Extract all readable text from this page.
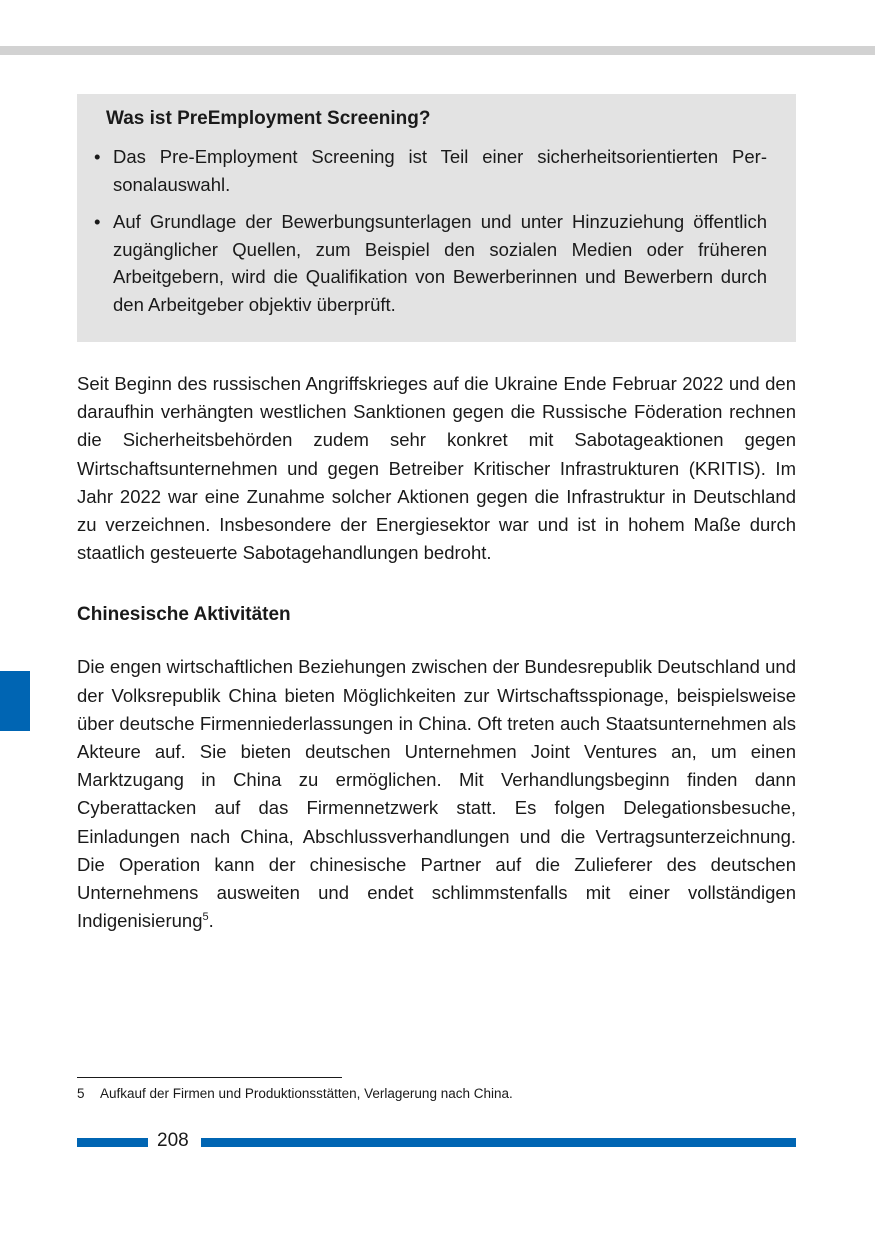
Was ist PreEmployment Screening?
• Das Pre-Employment Screening ist Teil einer sicherheitsorientierten Personalauswahl.
• Auf Grundlage der Bewerbungsunterlagen und unter Hinzuziehung öffentlich zugänglicher Quellen, zum Beispiel den sozialen Medien oder früheren Arbeitgebern, wird die Qualifikation von Bewerberinnen und Bewerbern durch den Arbeitgeber objektiv überprüft.

Seit Beginn des russischen Angriffskrieges auf die Ukraine Ende Februar 2022 und den daraufhin verhängten westlichen Sanktionen gegen die Russische Föderation rechnen die Sicherheitsbehörden zudem sehr konkret mit Sabotageaktionen gegen Wirtschaftsunternehmen und gegen Betreiber Kritischer Infrastrukturen (KRITIS). Im Jahr 2022 war eine Zunahme solcher Aktionen gegen die Infrastruktur in Deutschland zu verzeichnen. Insbesondere der Energiesektor war und ist in hohem Maße durch staatlich gesteuerte Sabotagehandlungen bedroht.

Chinesische Aktivitäten

Die engen wirtschaftlichen Beziehungen zwischen der Bundesrepublik Deutschland und der Volksrepublik China bieten Möglichkeiten zur Wirtschaftsspionage, beispielsweise über deutsche Firmenniederlassungen in China. Oft treten auch Staatsunternehmen als Akteure auf. Sie bieten deutschen Unternehmen Joint Ventures an, um einen Marktzugang in China zu ermöglichen. Mit Verhandlungsbeginn finden dann Cyberattacken auf das Firmennetzwerk statt. Es folgen Delegationsbesuche, Einladungen nach China, Abschlussverhandlungen und die Vertragsunterzeichnung. Die Operation kann der chinesische Partner auf die Zulieferer des deutschen Unternehmens ausweiten und endet schlimmstenfalls mit einer vollständigen Indigenisierung$^5$.

5 Aufkauf der Firmen und Produktionsstätten, Verlagerung nach China.
208
